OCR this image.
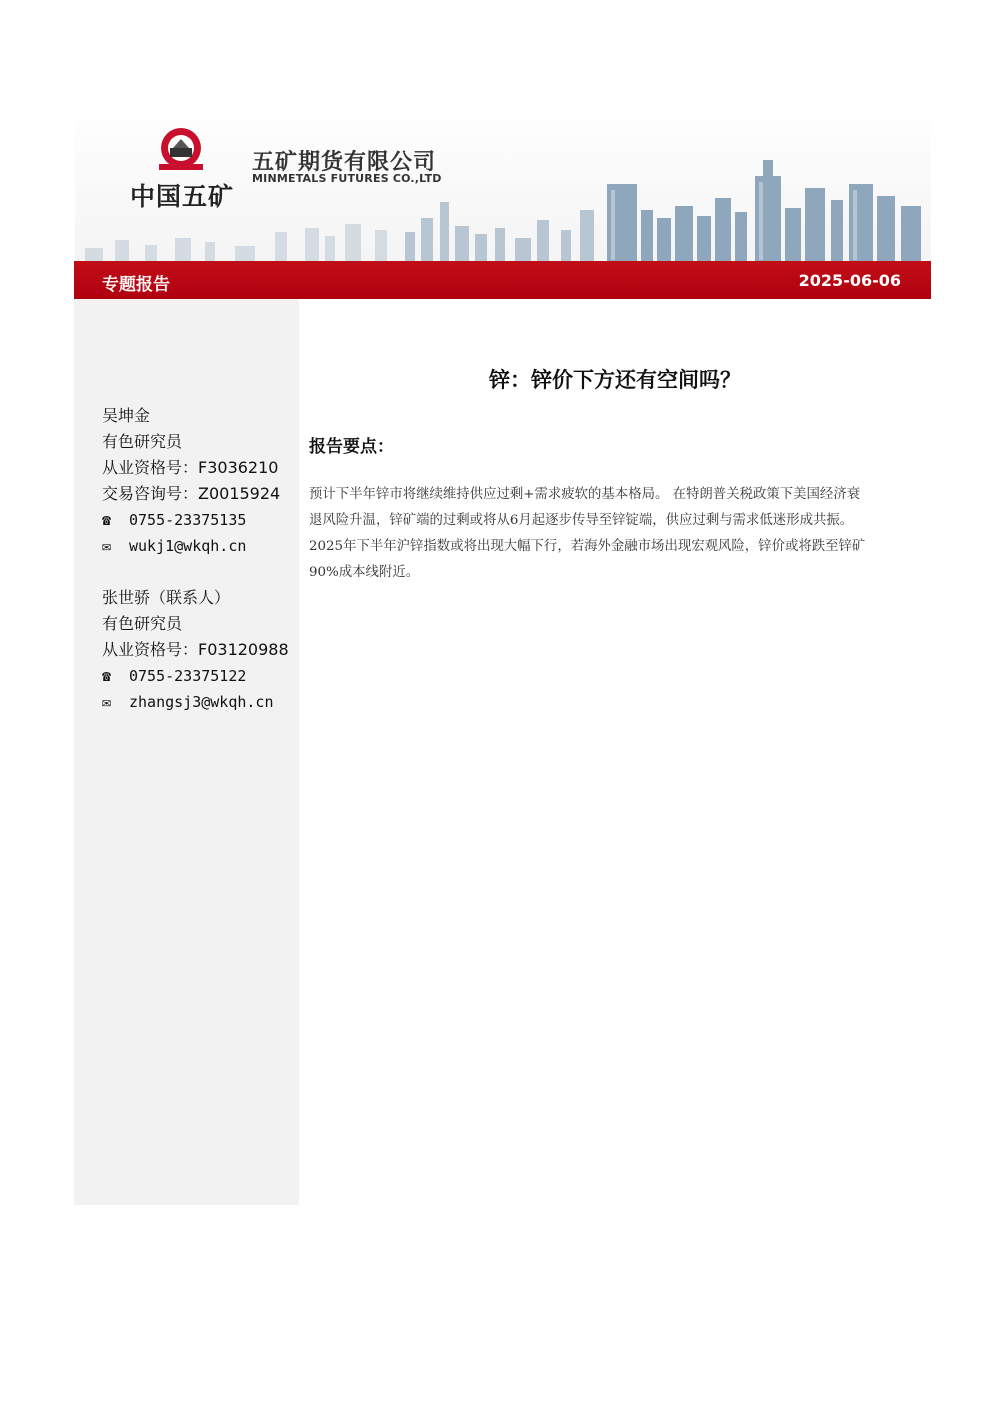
中国五矿
五矿期货有限公司
MINMETALS FUTURES CO.,LTD
专题报告	2025-06-06
吴坤金
有色研究员
从业资格号：F3036210
交易咨询号：Z0015924
☎ 0755-23375135
✉ wukj1@wkqh.cn
张世骄（联系人）
有色研究员
从业资格号：F03120988
☎ 0755-23375122
✉ zhangsj3@wkqh.cn
锌：锌价下方还有空间吗？
报告要点：
预计下半年锌市将继续维持供应过剩+需求疲软的基本格局。 在特朗普关税政策下美国经济衰
退风险升温，锌矿端的过剩或将从6月起逐步传导至锌锭端，供应过剩与需求低迷形成共振。
2025年下半年沪锌指数或将出现大幅下行，若海外金融市场出现宏观风险，锌价或将跌至锌矿
90%成本线附近。
